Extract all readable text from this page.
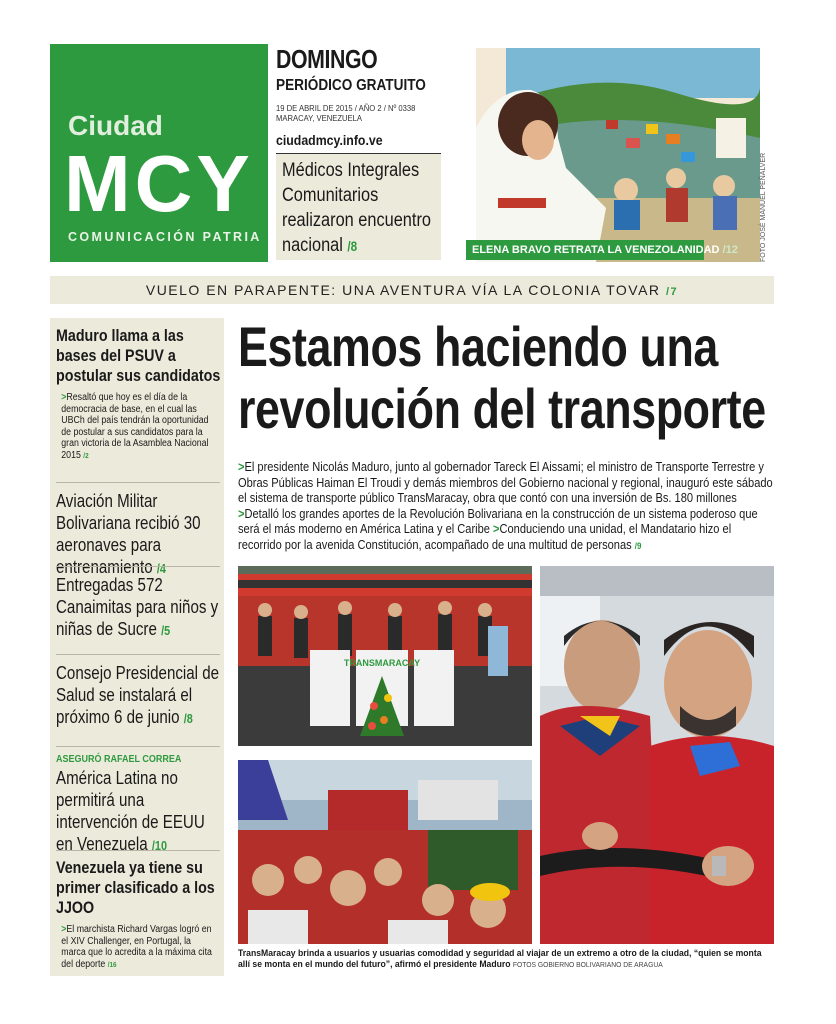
Ciudad
MCY
COMUNICACIÓN PATRIA
DOMINGO
PERIÓDICO GRATUITO
19 DE ABRIL DE 2015 / AÑO 2 / Nº 0338
MARACAY, VENEZUELA
ciudadmcy.info.ve
Médicos Integrales Comunitarios realizaron encuentro nacional /8	ELENA BRAVO RETRATA LA VENEZOLANIDAD /12	FOTO JOSÉ MANUEL PEÑALVER
VUELO EN PARAPENTE: UNA AVENTURA VÍA LA COLONIA TOVAR /7
Maduro llama a las bases del PSUV a postular sus candidatos
>Resaltó que hoy es el día de la democracia de base, en el cual las UBCh del país tendrán la oportunidad de postular a sus candidatos para la gran victoria de la Asamblea Nacional 2015 /2
Aviación Militar Bolivariana recibió 30 aeronaves para entrenamiento /4
Entregadas 572 Canaimitas para niños y niñas de Sucre /5
Consejo Presidencial de Salud se instalará el próximo 6 de junio /8
ASEGURÓ RAFAEL CORREA
América Latina no permitirá una intervención de EEUU en Venezuela /10
Venezuela ya tiene su primer clasificado a los JJOO
>El marchista Richard Vargas logró en el XIV Challenger, en Portugal, la marca que lo acredita a la máxima cita del deporte /16
Estamos haciendo una revolución del transporte

>El presidente Nicolás Maduro, junto al gobernador Tareck El Aissami; el ministro de Transporte Terrestre y Obras Públicas Haiman El Troudi y demás miembros del Gobierno nacional y regional, inauguró este sábado el sistema de transporte público TransMaracay, obra que contó con una inversión de Bs. 180 millones >Detalló los grandes aportes de la Revolución Bolivariana en la construcción de un sistema poderoso que será el más moderno en América Latina y el Caribe >Conduciendo una unidad, el Mandatario hizo el recorrido por la avenida Constitución, acompañado de una multitud de personas /9

TRANSMARACAY

TransMaracay brinda a usuarios y usuarias comodidad y seguridad al viajar de un extremo a otro de la ciudad, “quien se monta allí se monta en el mundo del futuro”, afirmó el presidente Maduro FOTOS GOBIERNO BOLIVARIANO DE ARAGUA
